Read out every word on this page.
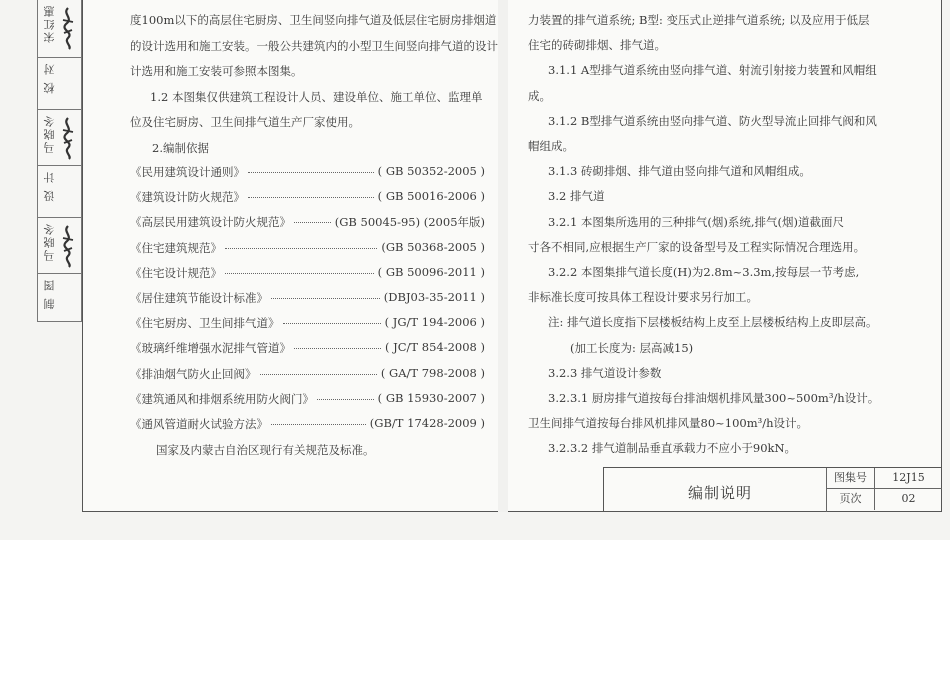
宋红惠
校 对
马晓冬
设 计
马晓冬
制 图

度100m以下的高层住宅厨房、卫生间竖向排气道及低层住宅厨房排烟道

的设计选用和施工安装。一般公共建筑内的小型卫生间竖向排气道的设计

计选用和施工安装可参照本图集。

1.2 本图集仅供建筑工程设计人员、建设单位、施工单位、监理单

位及住宅厨房、卫生间排气道生产厂家使用。

2.编制依据

《民用建筑设计通则》	( GB 50352-2005 )
《建筑设计防火规范》	( GB 50016-2006 )
《高层民用建筑设计防火规范》	(GB 50045-95) (2005年版)
《住宅建筑规范》	(GB 50368-2005 )
《住宅设计规范》	( GB 50096-2011 )
《居住建筑节能设计标准》	(DBJ03-35-2011 )
《住宅厨房、卫生间排气道》	( JG/T 194-2006 )
《玻璃纤维增强水泥排气管道》	( JC/T 854-2008 )
《排油烟气防火止回阀》	( GA/T 798-2008 )
《建筑通风和排烟系统用防火阀门》	( GB 15930-2007 )
《通风管道耐火试验方法》	(GB/T 17428-2009 )

国家及内蒙古自治区现行有关规范及标准。

力装置的排气道系统; B型: 变压式止逆排气道系统; 以及应用于低层

住宅的砖砌排烟、排气道。

3.1.1 A型排气道系统由竖向排气道、射流引射接力装置和风帽组

成。

3.1.2 B型排气道系统由竖向排气道、防火型导流止回排气阀和风

帽组成。

3.1.3 砖砌排烟、排气道由竖向排气道和风帽组成。

3.2 排气道

3.2.1 本图集所选用的三种排气(烟)系统,排气(烟)道截面尺

寸各不相同,应根据生产厂家的设备型号及工程实际情况合理选用。

3.2.2 本图集排气道长度(H)为2.8m~3.3m,按每层一节考虑,

非标准长度可按具体工程设计要求另行加工。

注: 排气道长度指下层楼板结构上皮至上层楼板结构上皮即层高。

(加工长度为: 层高减15)

3.2.3 排气道设计参数

3.2.3.1 厨房排气道按每台排油烟机排风量300~500m³/h设计。

卫生间排气道按每台排风机排风量80~100m³/h设计。

3.2.3.2 排气道制品垂直承载力不应小于90kN。

编制说明
图集号	12J15
页次	02
